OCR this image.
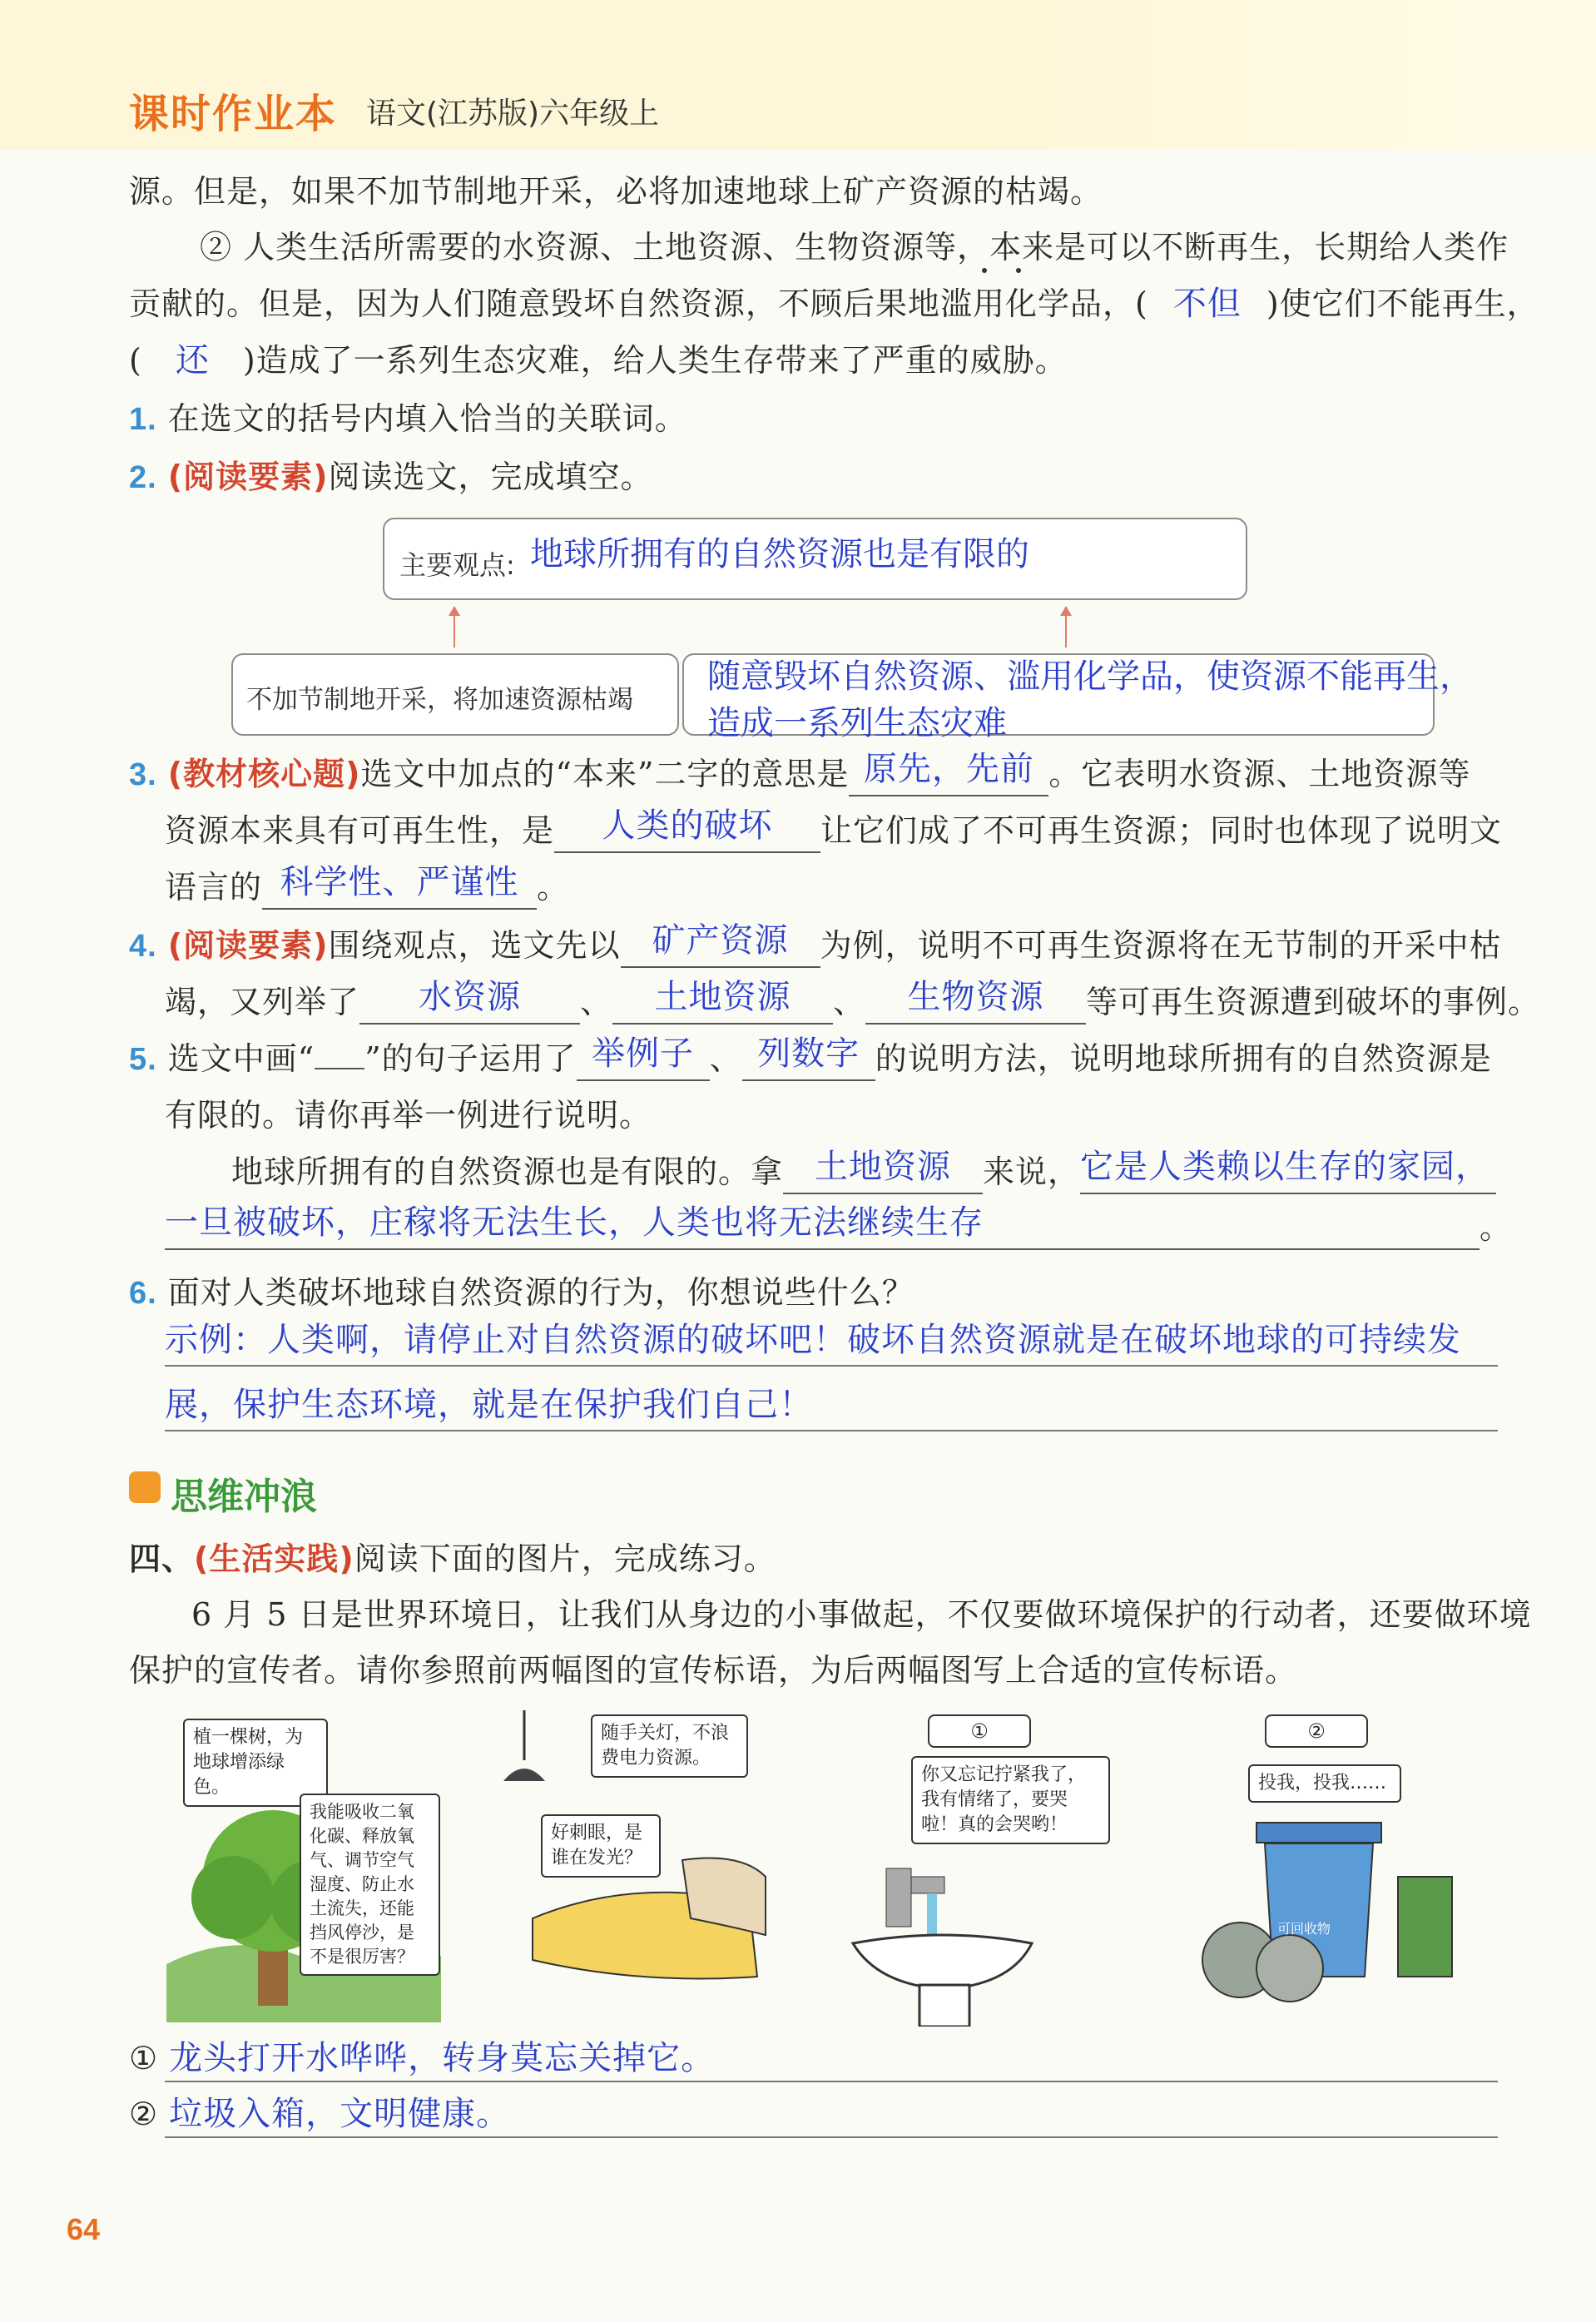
课时作业本 语文(江苏版)六年级上
源。但是，如果不加节制地开采，必将加速地球上矿产资源的枯竭。
② 人类生活所需要的水资源、土地资源、生物资源等，本来是可以不断再生，长期给人类作
贡献的。但是，因为人们随意毁坏自然资源，不顾后果地滥用化学品，( 不但 )使它们不能再生，
( 还 )造成了一系列生态灾难，给人类生存带来了严重的威胁。
1. 在选文的括号内填入恰当的关联词。
2. (阅读要素)阅读选文，完成填空。
主要观点: 地球所拥有的自然资源也是有限的
不加节制地开采，将加速资源枯竭
随意毁坏自然资源、滥用化学品，使资源不能再生，
造成一系列生态灾难
3. (教材核心题)选文中加点的“本来”二字的意思是 原先，先前 。它表明水资源、土地资源等
资源本来具有可再生性，是 人类的破坏 让它们成了不可再生资源；同时也体现了说明文
语言的 科学性、严谨性 。
4. (阅读要素)围绕观点，选文先以 矿产资源 为例，说明不可再生资源将在无节制的开采中枯
竭，又列举了 水资源 、 土地资源 、 生物资源 等可再生资源遭到破坏的事例。
5. 选文中画“ ”的句子运用了 举例子 、 列数字 的说明方法，说明地球所拥有的自然资源是
有限的。请你再举一例进行说明。
地球所拥有的自然资源也是有限的。拿 土地资源 来说，它是人类赖以生存的家园，
一旦被破坏，庄稼将无法生长，人类也将无法继续生存	。
6. 面对人类破坏地球自然资源的行为，你想说些什么？
示例：人类啊，请停止对自然资源的破坏吧！破坏自然资源就是在破坏地球的可持续发
展，保护生态环境，就是在保护我们自己！
思维冲浪
四、(生活实践)阅读下面的图片，完成练习。
6 月 5 日是世界环境日，让我们从身边的小事做起，不仅要做环境保护的行动者，还要做环境
保护的宣传者。请你参照前两幅图的宣传标语，为后两幅图写上合适的宣传标语。
植一棵树，为地球增添绿色。
我能吸收二氧化碳、释放氧气、调节空气湿度、防止水土流失，还能挡风停沙，是不是很厉害？
随手关灯，不浪费电力资源。
好刺眼，是谁在发光？
①
你又忘记拧紧我了，我有情绪了，要哭啦！真的会哭哟！
②
投我，投我……
可回收物
① 龙头打开水哗哗，转身莫忘关掉它。
② 垃圾入箱，文明健康。
64
